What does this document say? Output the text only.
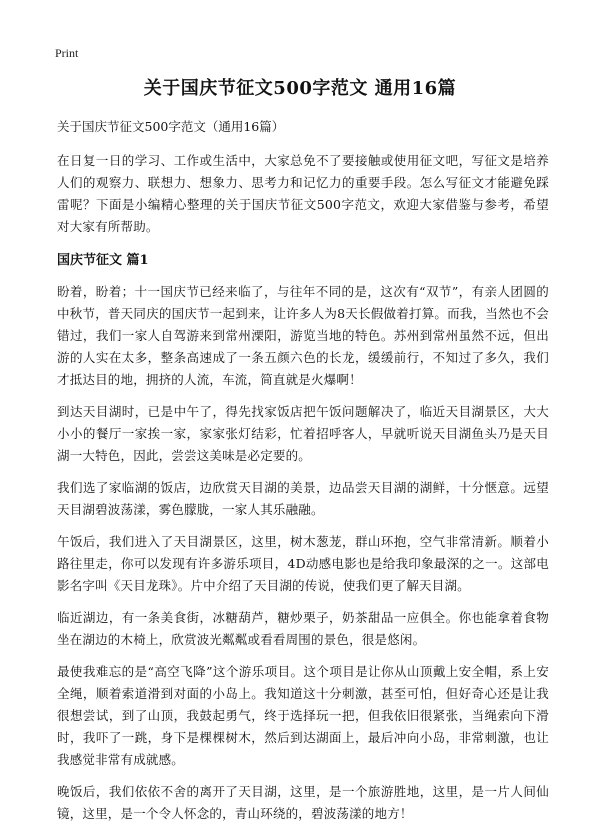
Print
关于国庆节征文500字范文 通用16篇
关于国庆节征文500字范文（通用16篇）

在日复一日的学习、工作或生活中，大家总免不了要接触或使用征文吧，写征文是培养人们的观察力、联想力、想象力、思考力和记忆力的重要手段。怎么写征文才能避免踩雷呢？下面是小编精心整理的关于国庆节征文500字范文，欢迎大家借鉴与参考，希望对大家有所帮助。

国庆节征文 篇1

盼着，盼着；十一国庆节已经来临了，与往年不同的是，这次有“双节”，有亲人团圆的中秋节，普天同庆的国庆节一起到来，让许多人为8天长假做着打算。而我，当然也不会错过，我们一家人自驾游来到常州溧阳，游览当地的特色。苏州到常州虽然不远，但出游的人实在太多，整条高速成了一条五颜六色的长龙，缓缓前行，不知过了多久，我们才抵达目的地，拥挤的人流，车流，简直就是火爆啊！

到达天目湖时，已是中午了，得先找家饭店把午饭问题解决了，临近天目湖景区，大大小小的餐厅一家挨一家，家家张灯结彩，忙着招呼客人，早就听说天目湖鱼头乃是天目湖一大特色，因此，尝尝这美味是必定要的。

我们选了家临湖的饭店，边欣赏天目湖的美景，边品尝天目湖的湖鲜，十分惬意。远望天目湖碧波荡漾，雾色朦胧，一家人其乐融融。

午饭后，我们进入了天目湖景区，这里，树木葱茏，群山环抱，空气非常清新。顺着小路往里走，你可以发现有许多游乐项目，4D动感电影也是给我印象最深的之一。这部电影名字叫《天目龙珠》。片中介绍了天目湖的传说，使我们更了解天目湖。

临近湖边，有一条美食街，冰糖葫芦，糖炒栗子，奶茶甜品一应俱全。你也能拿着食物坐在湖边的木椅上，欣赏波光粼粼或看看周围的景色，很是悠闲。

最使我难忘的是“高空飞降”这个游乐项目。这个项目是让你从山顶戴上安全帽，系上安全绳，顺着索道滑到对面的小岛上。我知道这十分刺激，甚至可怕，但好奇心还是让我很想尝试，到了山顶，我鼓起勇气，终于选择玩一把，但我依旧很紧张，当绳索向下滑时，我吓了一跳，身下是棵棵树木，然后到达湖面上，最后冲向小岛，非常刺激，也让我感觉非常有成就感。

晚饭后，我们依依不舍的离开了天目湖，这里，是一个旅游胜地，这里，是一片人间仙镜，这里，是一个令人怀念的，青山环绕的，碧波荡漾的地方！
